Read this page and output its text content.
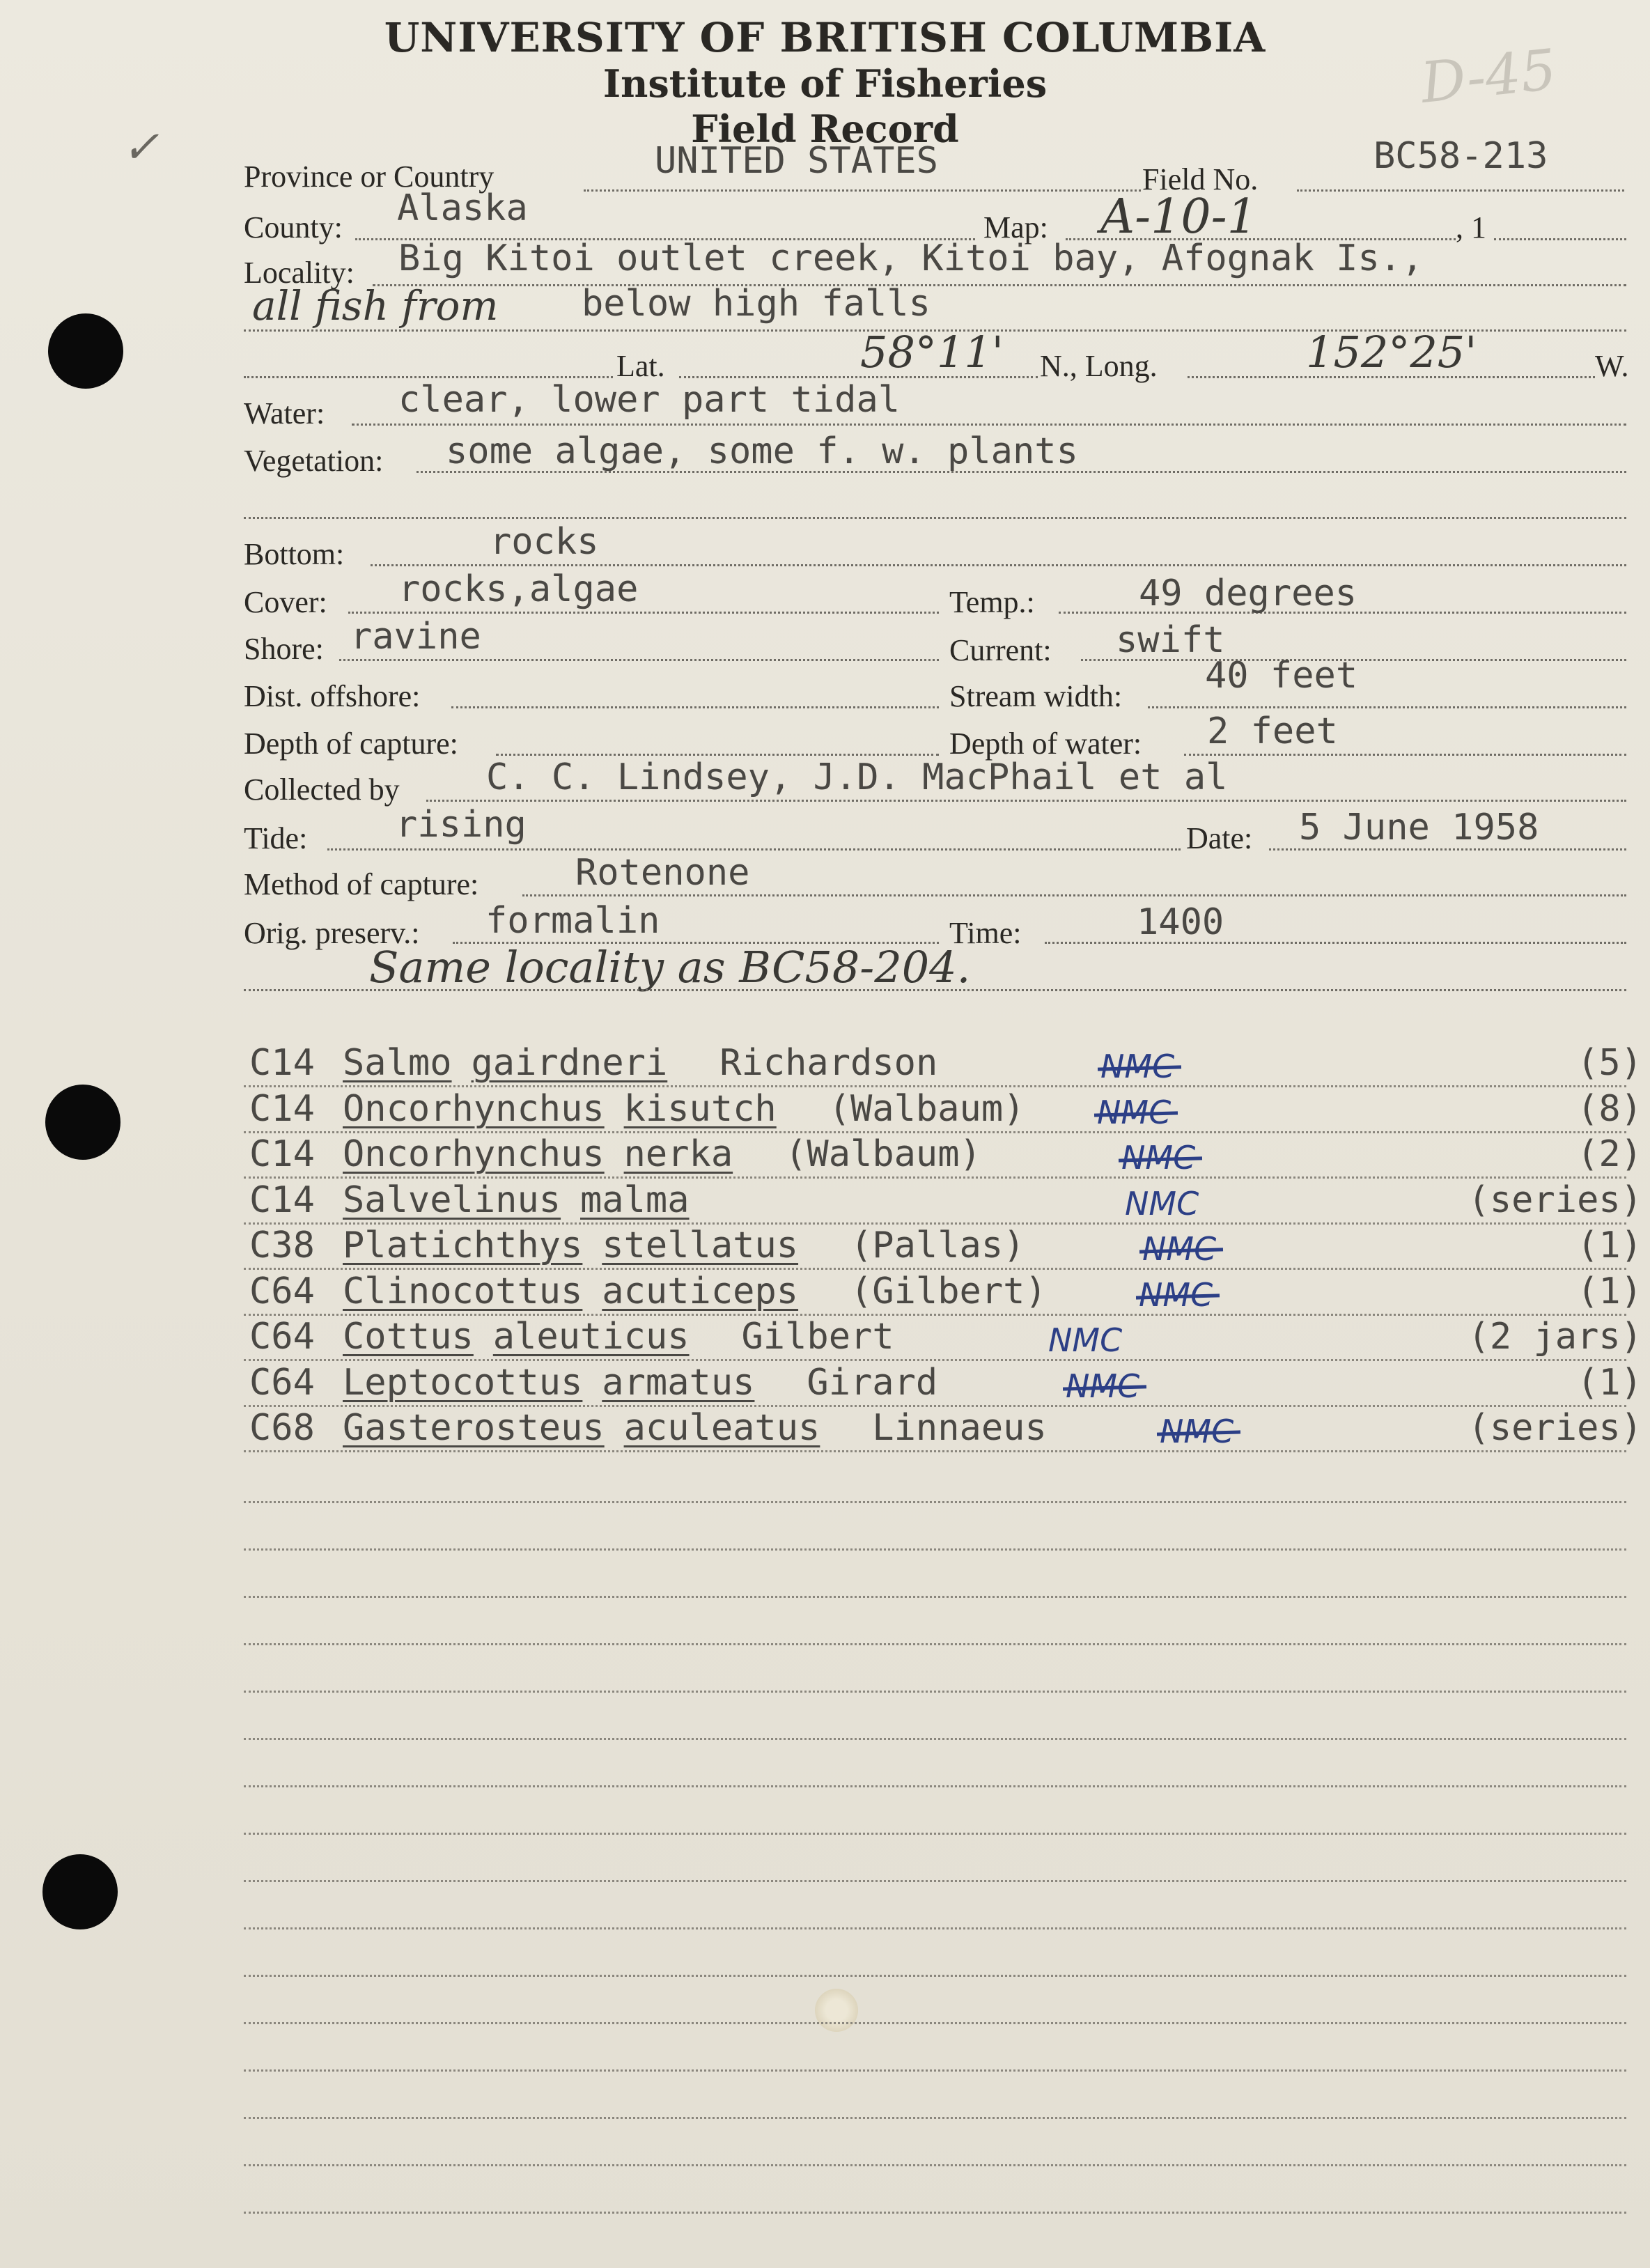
UNIVERSITY OF BRITISH COLUMBIA
Institute of Fisheries
Field Record
D-45
✓
Province or Country	UNITED STATES	Field No.
BC58-213
County: Alaska	Map: A-10-1	, 1
Locality: Big Kitoi outlet creek, Kitoi bay, Afognak Is.,
all fish from below high falls
Lat.	58°11' N., Long.	152°25'	W.
Water: clear, lower part tidal
Vegetation: some algae, some f. w. plants
Bottom:	rocks
Cover: rocks,algae	Temp.:	49 degrees
Shore: ravine	Current: swift
Dist. offshore:	Stream width: 40 feet
Depth of capture:	Depth of water: 2 feet
Collected by C. C. Lindsey, J.D. MacPhail et al
Tide: rising	Date: 5 June 1958
Method of capture:	Rotenone
Orig. preserv.: formalin	Time:	1400
Same locality as BC58-204.
C14 Salmo gairdneri Richardson	NMC	(5)
C14 Oncorhynchus kisutch (Walbaum) NMC	(8)
C14 Oncorhynchus nerka (Walbaum)	NMC	(2)
C14 Salvelinus malma	NMC	(series)
C38 Platichthys stellatus (Pallas)	NMC	(1)
C64 Clinocottus acuticeps (Gilbert)	NMC	(1)
C64 Cottus aleuticus Gilbert	NMC	(2 jars)
C64 Leptocottus armatus Girard	NMC	(1)
C68 Gasterosteus aculeatus Linnaeus	NMC	(series)
